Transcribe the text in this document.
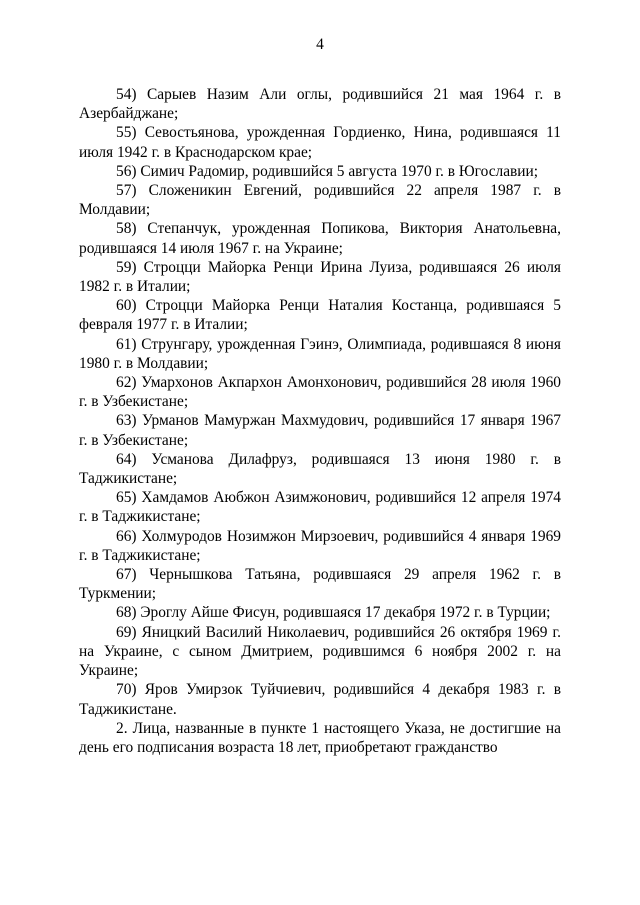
4

54) Сарыев Назим Али оглы, родившийся 21 мая 1964 г. в Азербайджане;

55) Севостьянова, урожденная Гордиенко, Нина, родившаяся 11 июля 1942 г. в Краснодарском крае;

56) Симич Радомир, родившийся 5 августа 1970 г. в Югославии;

57) Сложеникин Евгений, родившийся 22 апреля 1987 г. в Молдавии;

58) Степанчук, урожденная Попикова, Виктория Анатольевна, родившаяся 14 июля 1967 г. на Украине;

59) Строцци Майорка Ренци Ирина Луиза, родившаяся 26 июля 1982 г. в Италии;

60) Строцци Майорка Ренци Наталия Костанца, родившаяся 5 февраля 1977 г. в Италии;

61) Струнгару, урожденная Гэинэ, Олимпиада, родившаяся 8 июня 1980 г. в Молдавии;

62) Умархонов Акпархон Амонхонович, родившийся 28 июля 1960 г. в Узбекистане;

63) Урманов Мамуржан Махмудович, родившийся 17 января 1967 г. в Узбекистане;

64) Усманова Дилафруз, родившаяся 13 июня 1980 г. в Таджикистане;

65) Хамдамов Аюбжон Азимжонович, родившийся 12 апреля 1974 г. в Таджикистане;

66) Холмуродов Нозимжон Мирзоевич, родившийся 4 января 1969 г. в Таджикистане;

67) Чернышкова Татьяна, родившаяся 29 апреля 1962 г. в Туркмении;

68) Эроглу Айше Фисун, родившаяся 17 декабря 1972 г. в Турции;

69) Яницкий Василий Николаевич, родившийся 26 октября 1969 г. на Украине, с сыном Дмитрием, родившимся 6 ноября 2002 г. на Украине;

70) Яров Умирзок Туйчиевич, родившийся 4 декабря 1983 г. в Таджикистане.

2. Лица, названные в пункте 1 настоящего Указа, не достигшие на день его подписания возраста 18 лет, приобретают гражданство
